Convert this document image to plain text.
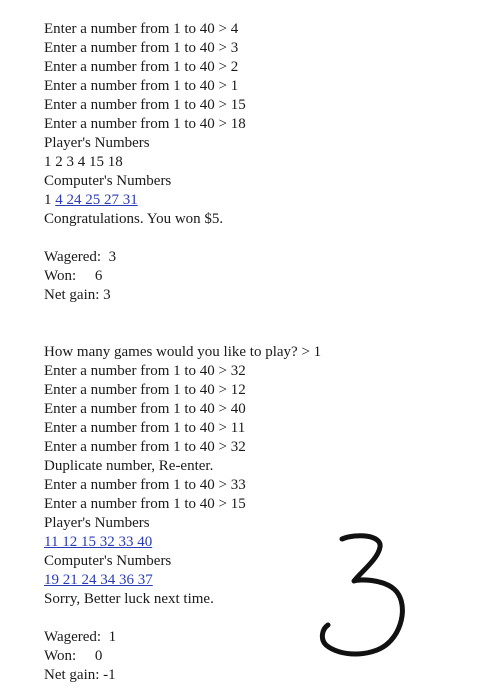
Enter a number from 1 to 40 > 4
Enter a number from 1 to 40 > 3
Enter a number from 1 to 40 > 2
Enter a number from 1 to 40 > 1
Enter a number from 1 to 40 > 15
Enter a number from 1 to 40 > 18
Player's Numbers
1 2 3 4 15 18
Computer's Numbers
1 4 24 25 27 31
Congratulations. You won $5.
Wagered:  3
Won:     6
Net gain: 3
How many games would you like to play? > 1
Enter a number from 1 to 40 > 32
Enter a number from 1 to 40 > 12
Enter a number from 1 to 40 > 40
Enter a number from 1 to 40 > 11
Enter a number from 1 to 40 > 32
Duplicate number, Re-enter.
Enter a number from 1 to 40 > 33
Enter a number from 1 to 40 > 15
Player's Numbers
11 12 15 32 33 40
Computer's Numbers
19 21 24 34 36 37
Sorry, Better luck next time.
Wagered:  1
Won:     0
Net gain: -1
